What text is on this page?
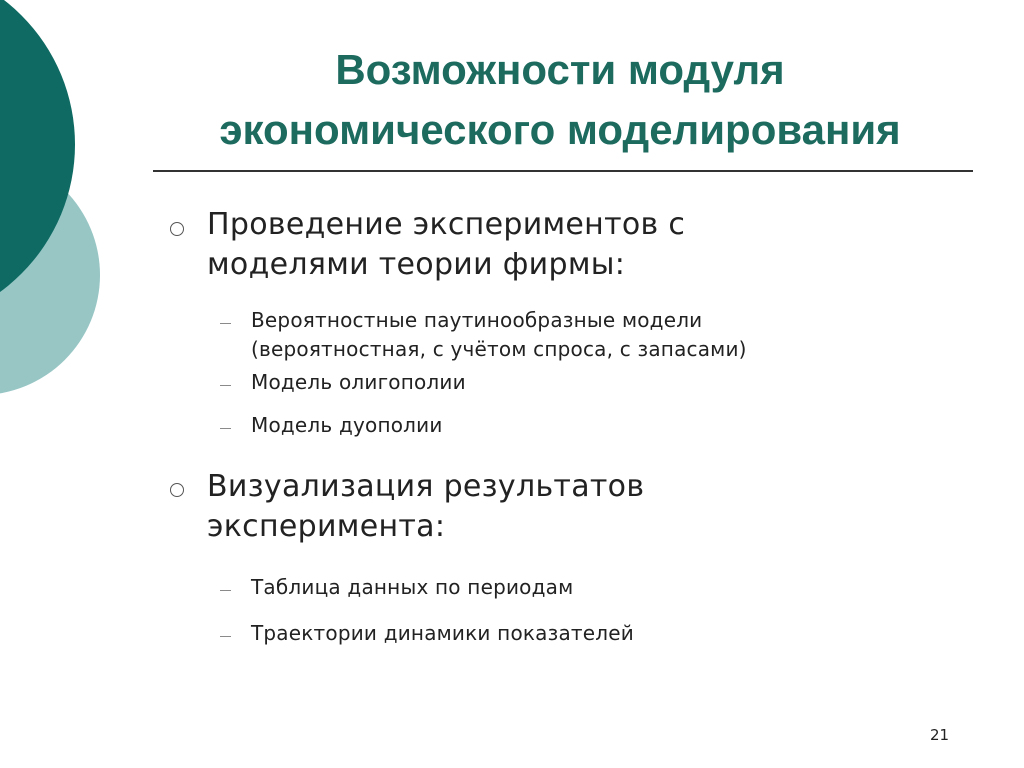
Возможности модуля
экономического моделирования
Проведение экспериментов с
моделями теории фирмы:
Вероятностные паутинообразные модели
(вероятностная, с учётом спроса, с запасами)
Модель олигополии
Модель дуополии
Визуализация результатов
эксперимента:
Таблица данных по периодам
Траектории динамики показателей
21
